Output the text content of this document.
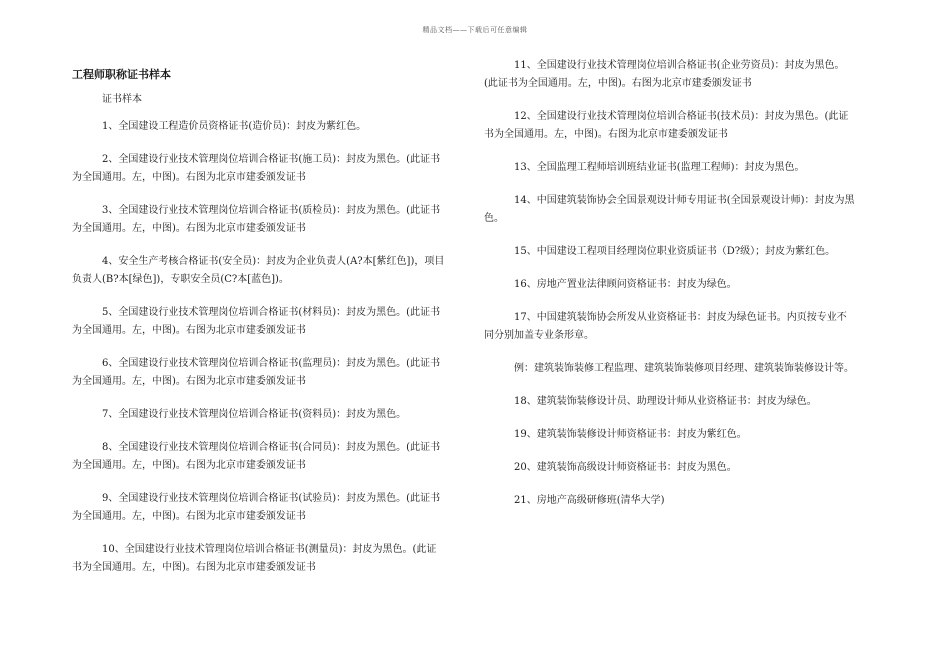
精品文档——下载后可任意编辑
工程师职称证书样本
证书样本

1、全国建设工程造价员资格证书(造价员)：封皮为紫红色。

2、全国建设行业技术管理岗位培训合格证书(施工员)：封皮为黑色。(此证书
为全国通用。左，中图)。右图为北京市建委颁发证书

3、全国建设行业技术管理岗位培训合格证书(质检员)：封皮为黑色。(此证书
为全国通用。左，中图)。右图为北京市建委颁发证书

4、安全生产考核合格证书(安全员)：封皮为企业负责人(A?本[紫红色])，项目
负责人(B?本[绿色])，专职安全员(C?本[蓝色])。

5、全国建设行业技术管理岗位培训合格证书(材料员)：封皮为黑色。(此证书
为全国通用。左，中图)。右图为北京市建委颁发证书

6、全国建设行业技术管理岗位培训合格证书(监理员)：封皮为黑色。(此证书
为全国通用。左，中图)。右图为北京市建委颁发证书

7、全国建设行业技术管理岗位培训合格证书(资料员)：封皮为黑色。

8、全国建设行业技术管理岗位培训合格证书(合同员)：封皮为黑色。(此证书
为全国通用。左，中图)。右图为北京市建委颁发证书

9、全国建设行业技术管理岗位培训合格证书(试验员)：封皮为黑色。(此证书
为全国通用。左，中图)。右图为北京市建委颁发证书

10、全国建设行业技术管理岗位培训合格证书(测量员)：封皮为黑色。(此证
书为全国通用。左，中图)。右图为北京市建委颁发证书

11、全国建设行业技术管理岗位培训合格证书(企业劳资员)：封皮为黑色。
(此证书为全国通用。左，中图)。右图为北京市建委颁发证书

12、全国建设行业技术管理岗位培训合格证书(技术员)：封皮为黑色。(此证
书为全国通用。左，中图)。右图为北京市建委颁发证书

13、全国监理工程师培训班结业证书(监理工程师)：封皮为黑色。

14、中国建筑装饰协会全国景观设计师专用证书(全国景观设计师)：封皮为黑
色。

15、中国建设工程项目经理岗位职业资质证书（D?级）；封皮为紫红色。

16、房地产置业法律顾问资格证书：封皮为绿色。

17、中国建筑装饰协会所发从业资格证书：封皮为绿色证书。内页按专业不
同分别加盖专业条形章。

例：建筑装饰装修工程监理、建筑装饰装修项目经理、建筑装饰装修设计等。

18、建筑装饰装修设计员、助理设计师从业资格证书：封皮为绿色。

19、建筑装饰装修设计师资格证书：封皮为紫红色。

20、建筑装饰高级设计师资格证书：封皮为黑色。

21、房地产高级研修班(清华大学)
